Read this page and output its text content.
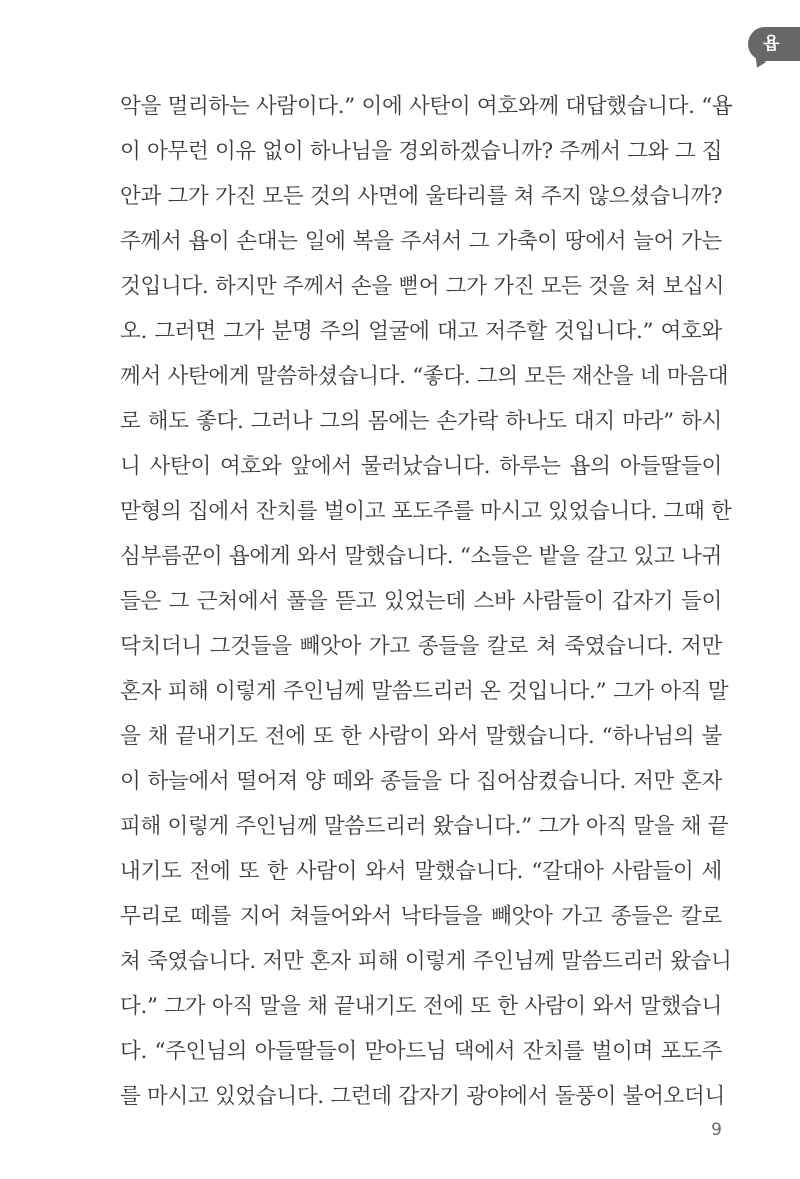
욥
악을 멀리하는 사람이다.” 이에 사탄이 여호와께 대답했습니다. “욥
이 아무런 이유 없이 하나님을 경외하겠습니까? 주께서 그와 그 집
안과 그가 가진 모든 것의 사면에 울타리를 쳐 주지 않으셨습니까?
주께서 욥이 손대는 일에 복을 주셔서 그 가축이 땅에서 늘어 가는
것입니다. 하지만 주께서 손을 뻗어 그가 가진 모든 것을 쳐 보십시
오. 그러면 그가 분명 주의 얼굴에 대고 저주할 것입니다.” 여호와
께서 사탄에게 말씀하셨습니다. “좋다. 그의 모든 재산을 네 마음대
로 해도 좋다. 그러나 그의 몸에는 손가락 하나도 대지 마라” 하시
니 사탄이 여호와 앞에서 물러났습니다. 하루는 욥의 아들딸들이
맏형의 집에서 잔치를 벌이고 포도주를 마시고 있었습니다. 그때 한
심부름꾼이 욥에게 와서 말했습니다. “소들은 밭을 갈고 있고 나귀
들은 그 근처에서 풀을 뜯고 있었는데 스바 사람들이 갑자기 들이
닥치더니 그것들을 빼앗아 가고 종들을 칼로 쳐 죽였습니다. 저만
혼자 피해 이렇게 주인님께 말씀드리러 온 것입니다.” 그가 아직 말
을 채 끝내기도 전에 또 한 사람이 와서 말했습니다. “하나님의 불
이 하늘에서 떨어져 양 떼와 종들을 다 집어삼켰습니다. 저만 혼자
피해 이렇게 주인님께 말씀드리러 왔습니다.” 그가 아직 말을 채 끝
내기도 전에 또 한 사람이 와서 말했습니다. “갈대아 사람들이 세
무리로 떼를 지어 쳐들어와서 낙타들을 빼앗아 가고 종들은 칼로
쳐 죽였습니다. 저만 혼자 피해 이렇게 주인님께 말씀드리러 왔습니
다.” 그가 아직 말을 채 끝내기도 전에 또 한 사람이 와서 말했습니
다. “주인님의 아들딸들이 맏아드님 댁에서 잔치를 벌이며 포도주
를 마시고 있었습니다. 그런데 갑자기 광야에서 돌풍이 불어오더니
9
